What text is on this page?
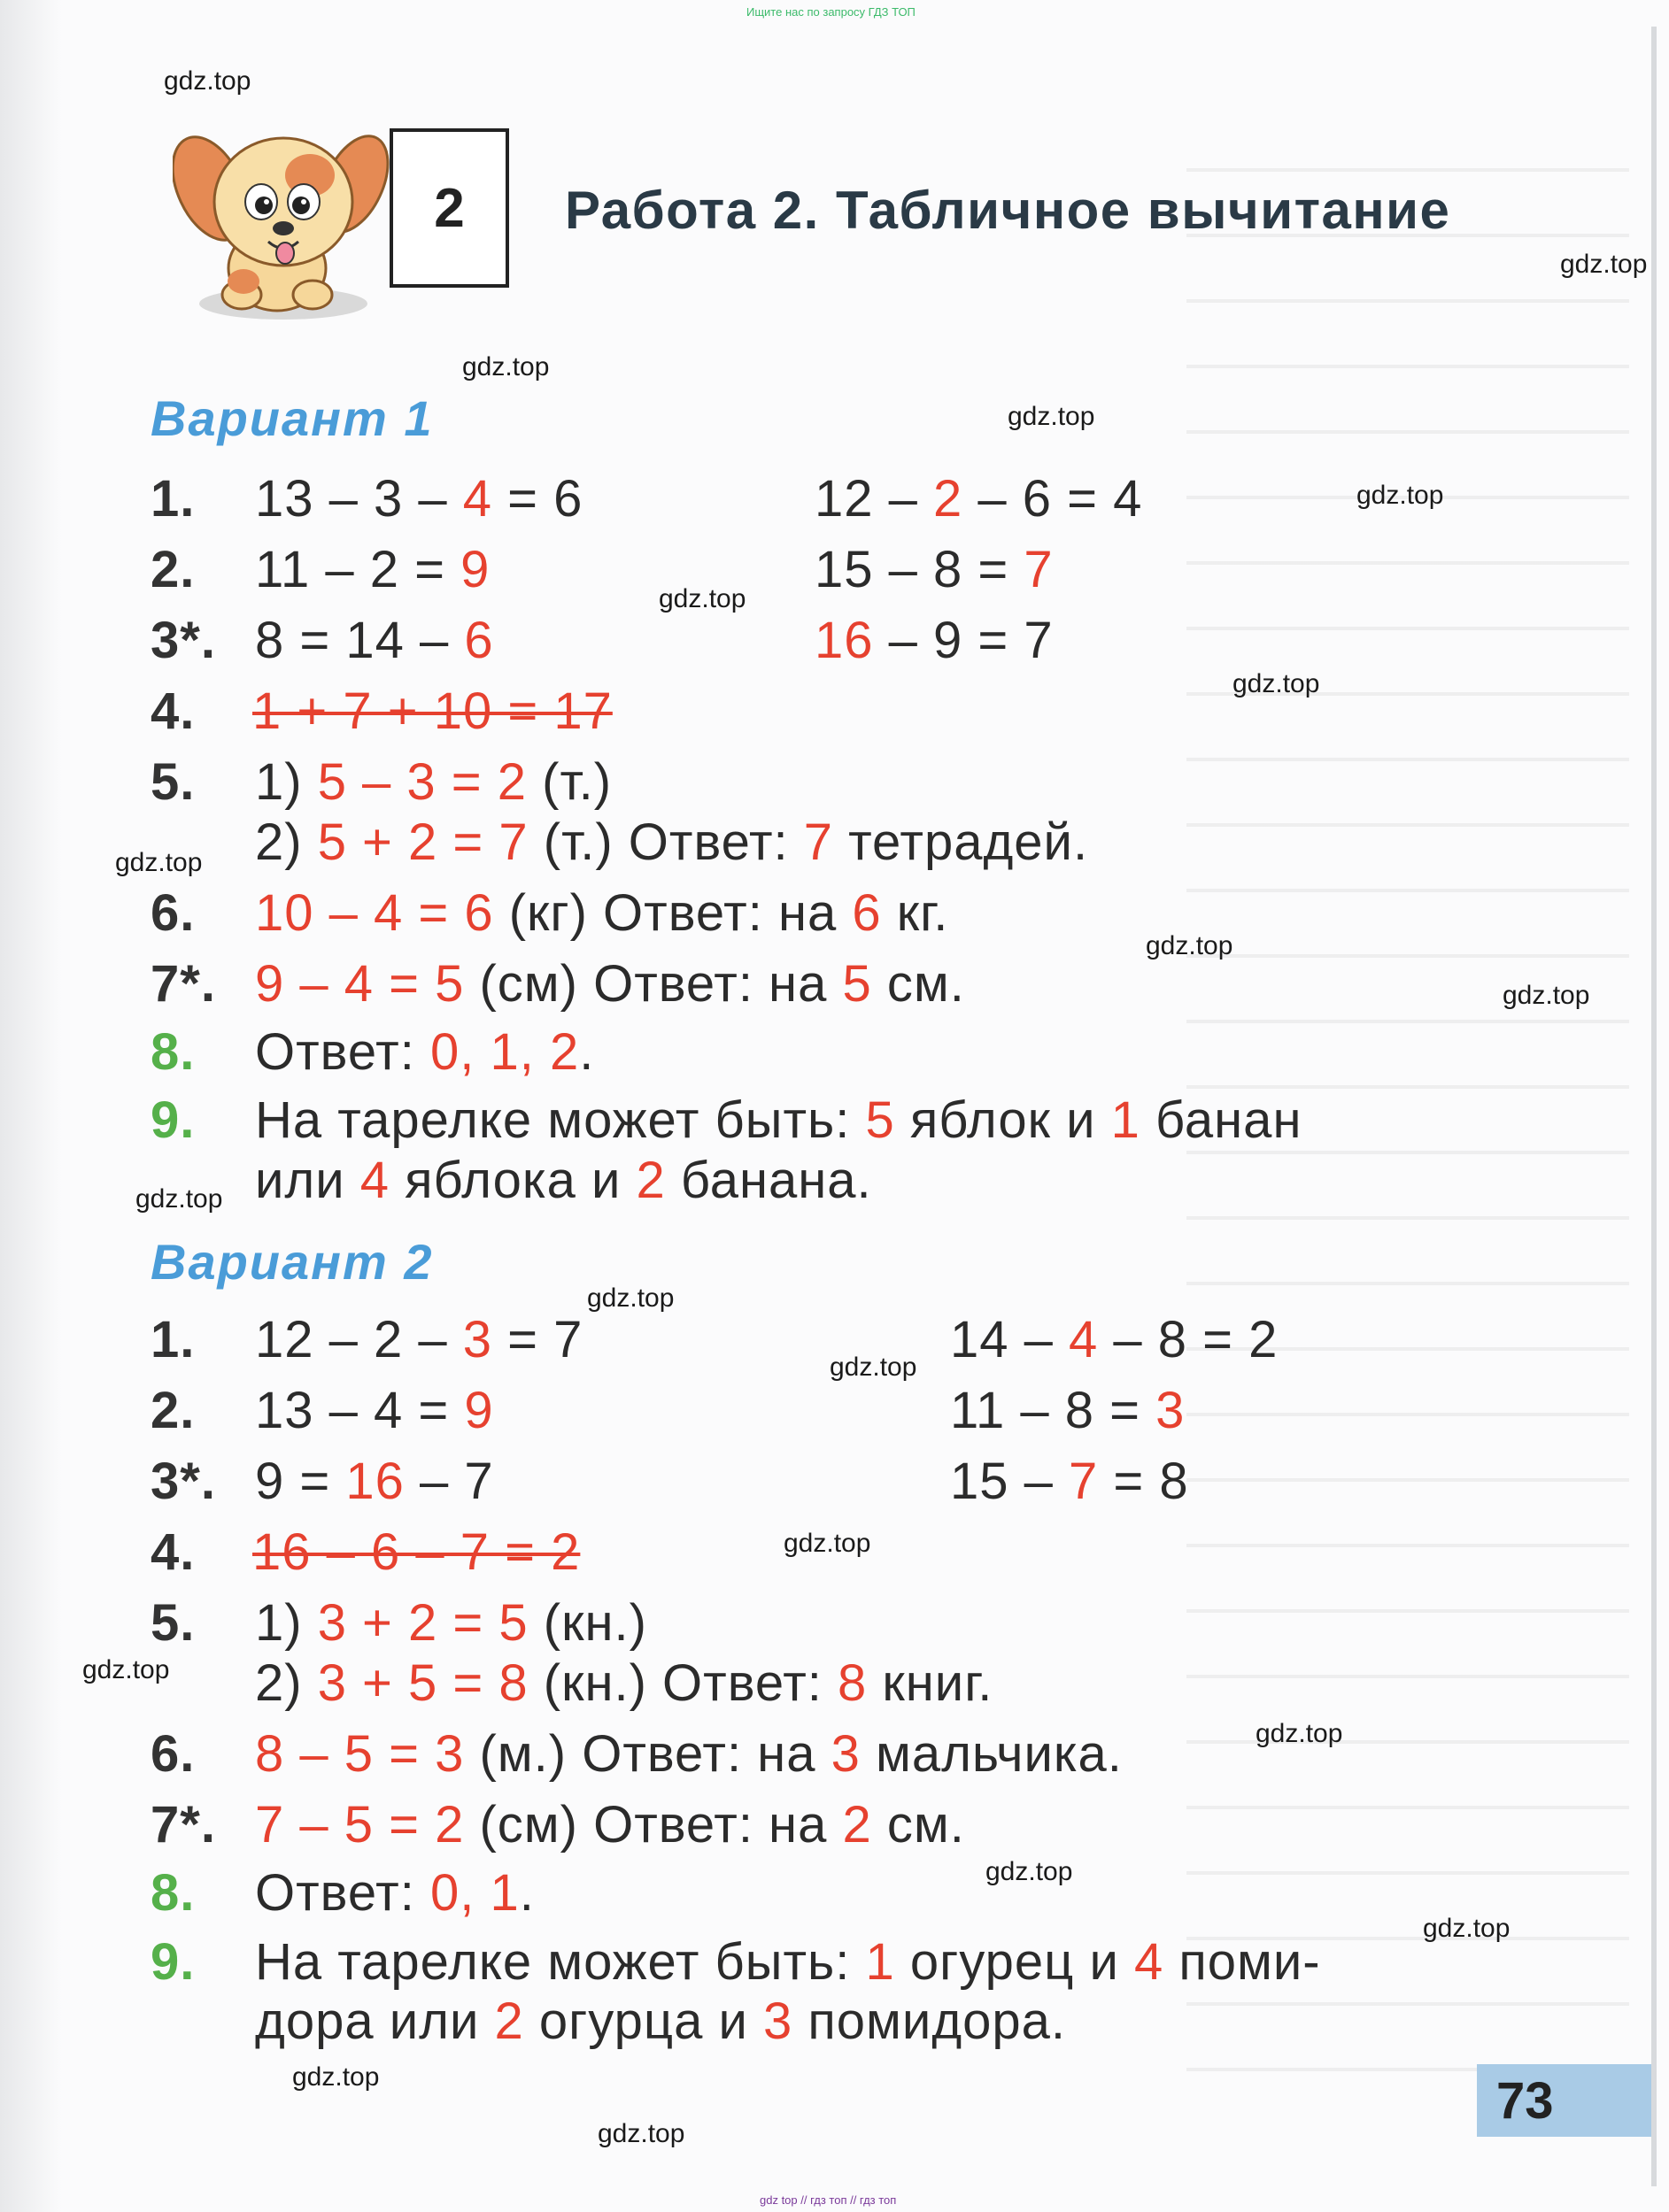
Ищите нас по запросу ГДЗ ТОП
gdz top // гдз топ // гдз топ
gdz.top
gdz.top
gdz.top
gdz.top
gdz.top
gdz.top
gdz.top
gdz.top
gdz.top
gdz.top
gdz.top
gdz.top
gdz.top
gdz.top
gdz.top
gdz.top
gdz.top
gdz.top
gdz.top
gdz.top
2	Работа 2. Табличное вычитание
Вариант 1
1. 13 – 3 – 4 = 6	12 – 2 – 6 = 4
2. 11 – 2 = 9	15 – 8 = 7
3*. 8 = 14 – 6	16 – 9 = 7
4. 1 + 7 + 10 = 17
5. 1) 5 – 3 = 2 (т.)
2) 5 + 2 = 7 (т.) Ответ: 7 тетрадей.
6. 10 – 4 = 6 (кг) Ответ: на 6 кг.
7*. 9 – 4 = 5 (см) Ответ: на 5 см.
8. Ответ: 0, 1, 2.
9. На тарелке может быть: 5 яблок и 1 банан
или 4 яблока и 2 банана.
Вариант 2
1. 12 – 2 – 3 = 7	14 – 4 – 8 = 2
2. 13 – 4 = 9	11 – 8 = 3
3*. 9 = 16 – 7	15 – 7 = 8
4. 16 – 6 – 7 = 2
5. 1) 3 + 2 = 5 (кн.)
2) 3 + 5 = 8 (кн.) Ответ: 8 книг.
6. 8 – 5 = 3 (м.) Ответ: на 3 мальчика.
7*. 7 – 5 = 2 (см) Ответ: на 2 см.
8. Ответ: 0, 1.
9. На тарелке может быть: 1 огурец и 4 поми-
дора или 2 огурца и 3 помидора.
73
